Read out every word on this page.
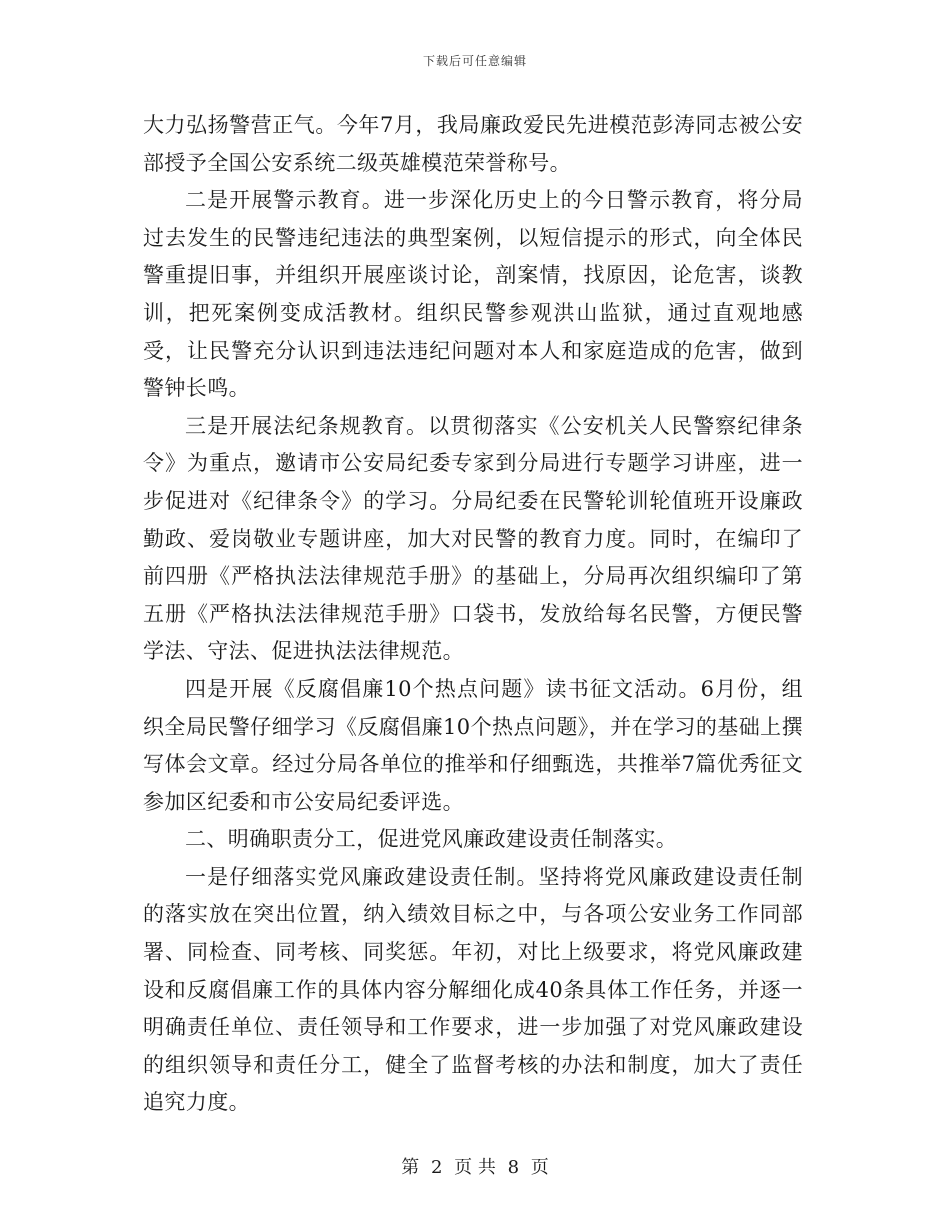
下载后可任意编辑

大力弘扬警营正气。今年7月，我局廉政爱民先进模范彭涛同志被公安部授予全国公安系统二级英雄模范荣誉称号。

二是开展警示教育。进一步深化历史上的今日警示教育，将分局过去发生的民警违纪违法的典型案例，以短信提示的形式，向全体民警重提旧事，并组织开展座谈讨论，剖案情，找原因，论危害，谈教训，把死案例变成活教材。组织民警参观洪山监狱，通过直观地感受，让民警充分认识到违法违纪问题对本人和家庭造成的危害，做到警钟长鸣。

三是开展法纪条规教育。以贯彻落实《公安机关人民警察纪律条令》为重点，邀请市公安局纪委专家到分局进行专题学习讲座，进一步促进对《纪律条令》的学习。分局纪委在民警轮训轮值班开设廉政勤政、爱岗敬业专题讲座，加大对民警的教育力度。同时，在编印了前四册《严格执法法律规范手册》的基础上，分局再次组织编印了第五册《严格执法法律规范手册》口袋书，发放给每名民警，方便民警学法、守法、促进执法法律规范。

四是开展《反腐倡廉10个热点问题》读书征文活动。6月份，组织全局民警仔细学习《反腐倡廉10个热点问题》，并在学习的基础上撰写体会文章。经过分局各单位的推举和仔细甄选，共推举7篇优秀征文参加区纪委和市公安局纪委评选。

二、明确职责分工，促进党风廉政建设责任制落实。

一是仔细落实党风廉政建设责任制。坚持将党风廉政建设责任制的落实放在突出位置，纳入绩效目标之中，与各项公安业务工作同部署、同检查、同考核、同奖惩。年初，对比上级要求，将党风廉政建设和反腐倡廉工作的具体内容分解细化成40条具体工作任务，并逐一明确责任单位、责任领导和工作要求，进一步加强了对党风廉政建设的组织领导和责任分工，健全了监督考核的办法和制度，加大了责任追究力度。

第 2 页 共 8 页
